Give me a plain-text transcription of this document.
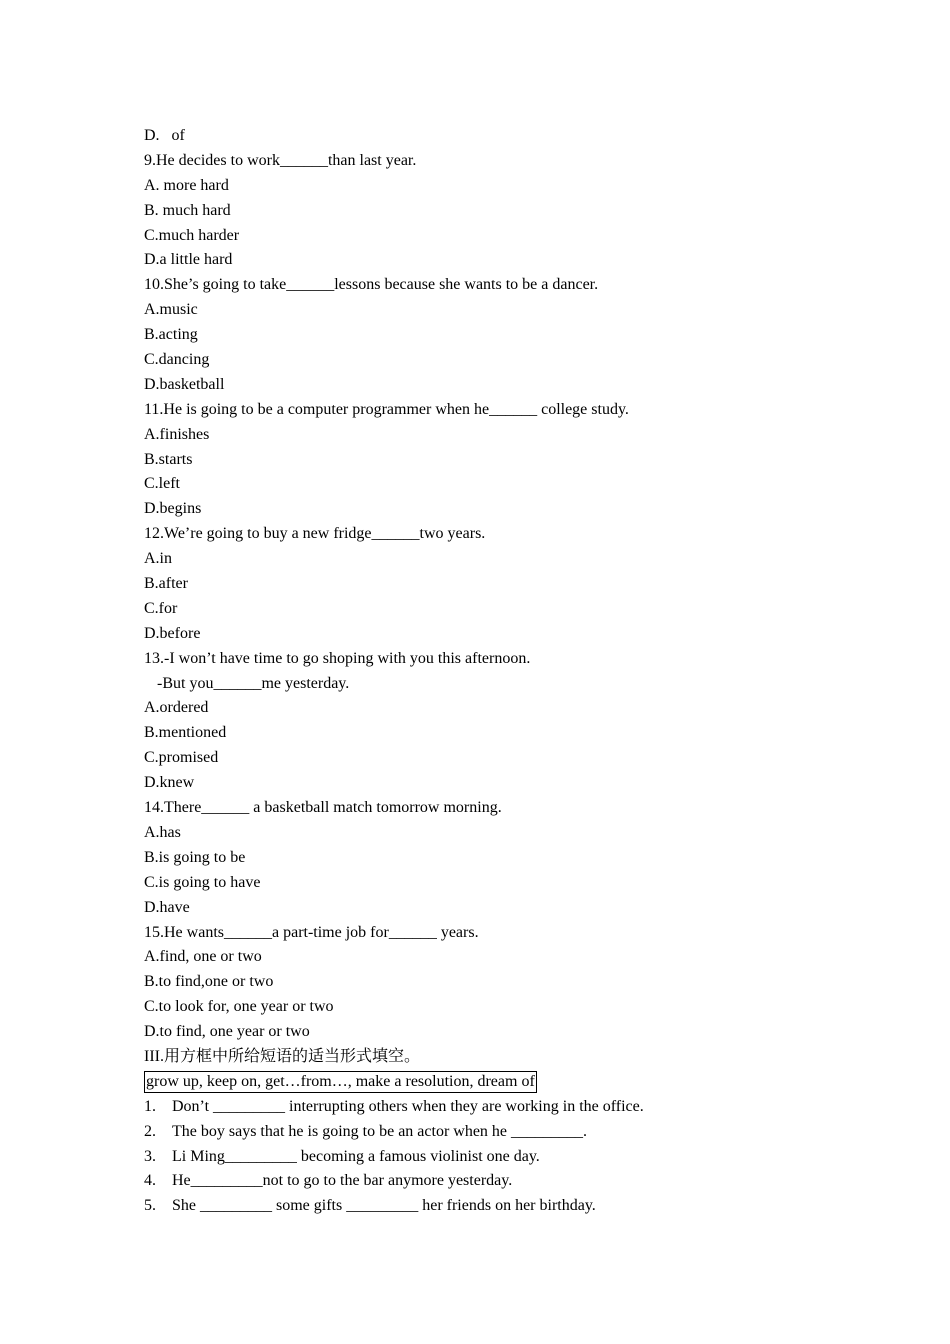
D.   of

9.He decides to work______than last year.

A. more hard

B. much hard

C.much harder

D.a little hard

10.She’s going to take______lessons because she wants to be a dancer.

A.music

B.acting

C.dancing

D.basketball

11.He is going to be a computer programmer when he______ college study.

A.finishes

B.starts

C.left

D.begins

12.We’re going to buy a new fridge______two years.

A.in

B.after

C.for

D.before

13.-I won’t have time to go shoping with you this afternoon.

-But you______me yesterday.

A.ordered

B.mentioned

C.promised

D.knew

14.There______ a basketball match tomorrow morning.

A.has

B.is going to be

C.is going to have

D.have

15.He wants______a part-time job for______ years.

A.find, one or two

B.to find,one or two

C.to look for, one year or two

D.to find, one year or two

III.用方框中所给短语的适当形式填空。

grow up, keep on, get…from…, make a resolution, dream of

1. Don’t _________ interrupting others when they are working in the office.

2. The boy says that he is going to be an actor when he _________.

3. Li Ming_________ becoming a famous violinist one day.

4. He_________not to go to the bar anymore yesterday.

5. She _________ some gifts _________ her friends on her birthday.
